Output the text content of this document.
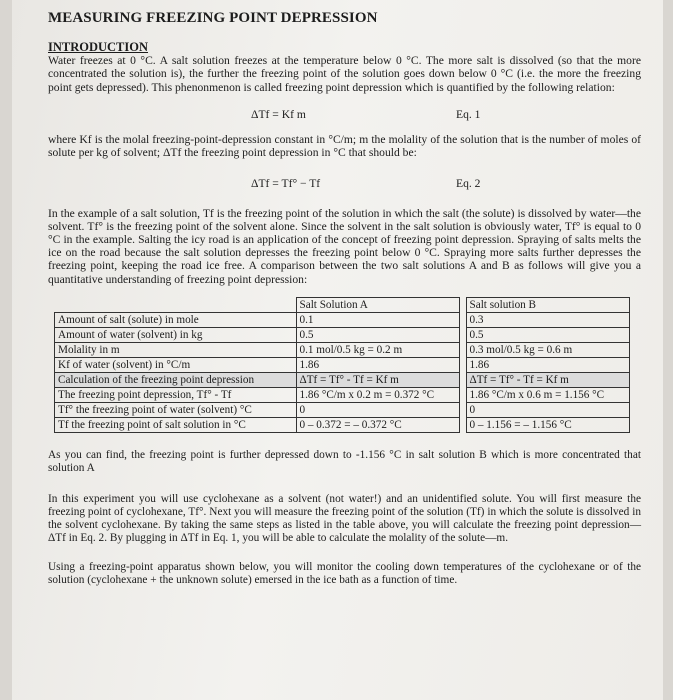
MEASURING FREEZING POINT DEPRESSION
INTRODUCTION

Water freezes at 0 °C. A salt solution freezes at the temperature below 0 °C. The more salt is dissolved (so that the more concentrated the solution is), the further the freezing point of the solution goes down below 0 °C (i.e. the more the freezing point gets depressed). This phenonmenon is called freezing point depression which is quantified by the following relation:

ΔTf = Kf m	Eq. 1

where Kf is the molal freezing-point-depression constant in °C/m; m the molality of the solution that is the number of moles of solute per kg of solvent; ΔTf the freezing point depression in °C that should be:

ΔTf = Tf° − Tf	Eq. 2

In the example of a salt solution, Tf is the freezing point of the solution in which the salt (the solute) is dissolved by water—the solvent. Tf° is the freezing point of the solvent alone. Since the solvent in the salt solution is obviously water, Tf° is equal to 0 °C in the example. Salting the icy road is an application of the concept of freezing point depression. Spraying of salts melts the ice on the road because the salt solution depresses the freezing point below 0 °C. Spraying more salts further depresses the freezing point, keeping the road ice free. A comparison between the two salt solutions A and B as follows will give you a quantitative understanding of freezing point depression:

	Salt Solution A		Salt solution B
Amount of salt (solute) in mole	0.1		0.3
Amount of water (solvent) in kg	0.5		0.5
Molality in m	0.1 mol/0.5 kg = 0.2 m		0.3 mol/0.5 kg = 0.6 m
Kf of water (solvent) in °C/m	1.86		1.86
Calculation of the freezing point depression	ΔTf = Tf° - Tf = Kf m		ΔTf = Tf° - Tf = Kf m
The freezing point depression, Tf° - Tf	1.86 °C/m x 0.2 m = 0.372 °C		1.86 °C/m x 0.6 m = 1.156 °C
Tf° the freezing point of water (solvent) °C	0		0
Tf the freezing point of salt solution in °C	0 – 0.372 = – 0.372 °C		0 – 1.156 = – 1.156 °C

As you can find, the freezing point is further depressed down to -1.156 °C in salt solution B which is more concentrated that solution A

In this experiment you will use cyclohexane as a solvent (not water!) and an unidentified solute. You will first measure the freezing point of cyclohexane, Tf°. Next you will measure the freezing point of the solution (Tf) in which the solute is dissolved in the solvent cyclohexane. By taking the same steps as listed in the table above, you will calculate the freezing point depression—ΔTf in Eq. 2. By plugging in ΔTf in Eq. 1, you will be able to calculate the molality of the solute—m.

Using a freezing-point apparatus shown below, you will monitor the cooling down temperatures of the cyclohexane or of the solution (cyclohexane + the unknown solute) emersed in the ice bath as a function of time.
